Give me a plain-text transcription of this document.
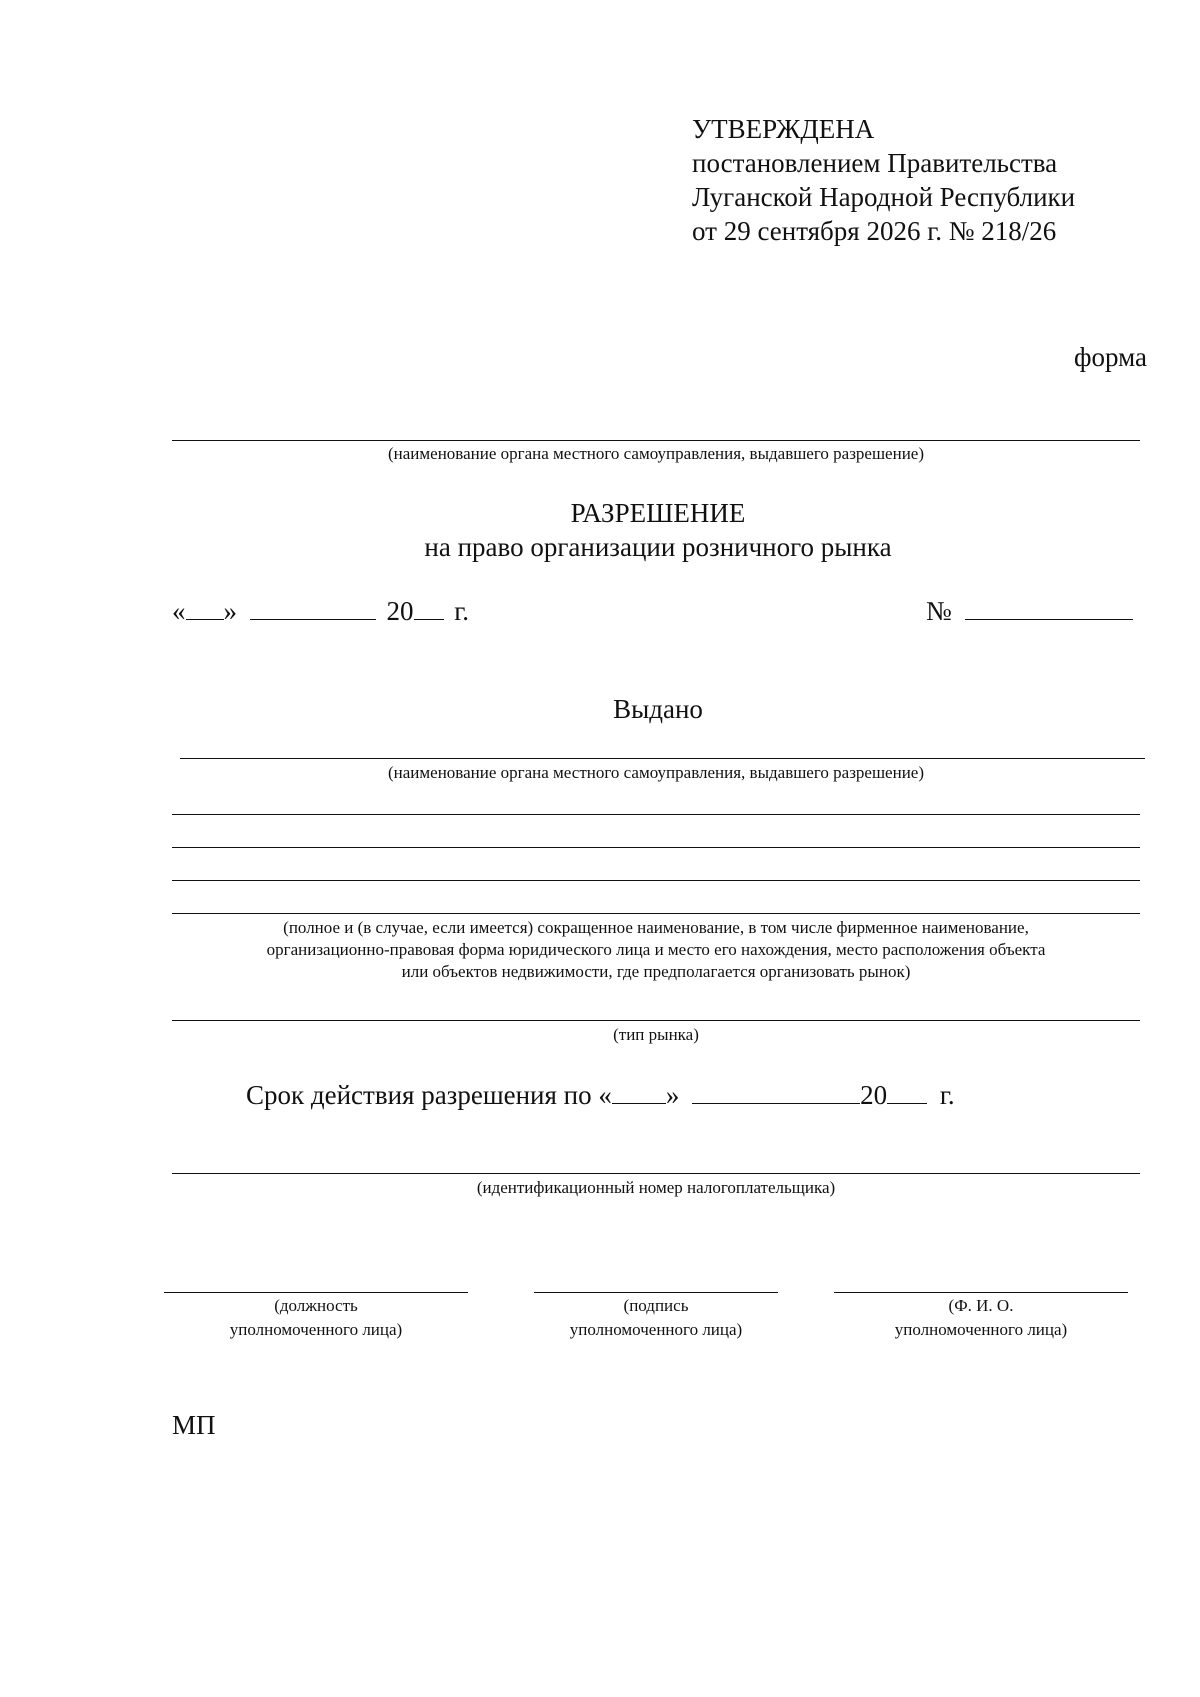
УТВЕРЖДЕНА
постановлением Правительства
Луганской Народной Республики
от 29 сентября 2026 г. № 218/26
форма
(наименование органа местного самоуправления, выдавшего разрешение)
РАЗРЕШЕНИЕ
на право организации розничного рынка
« »	20 г.	№
Выдано
(наименование органа местного самоуправления, выдавшего разрешение)
(полное и (в случае, если имеется) сокращенное наименование, в том числе фирменное наименование,
организационно-правовая форма юридического лица и место его нахождения, место расположения объекта
или объектов недвижимости, где предполагается организовать рынок)
(тип рынка)
Срок действия разрешения по « »	20 г.
(идентификационный номер налогоплательщика)
(должность
уполномоченного лица)
(подпись
уполномоченного лица)
(Ф. И. О.
уполномоченного лица)
МП
